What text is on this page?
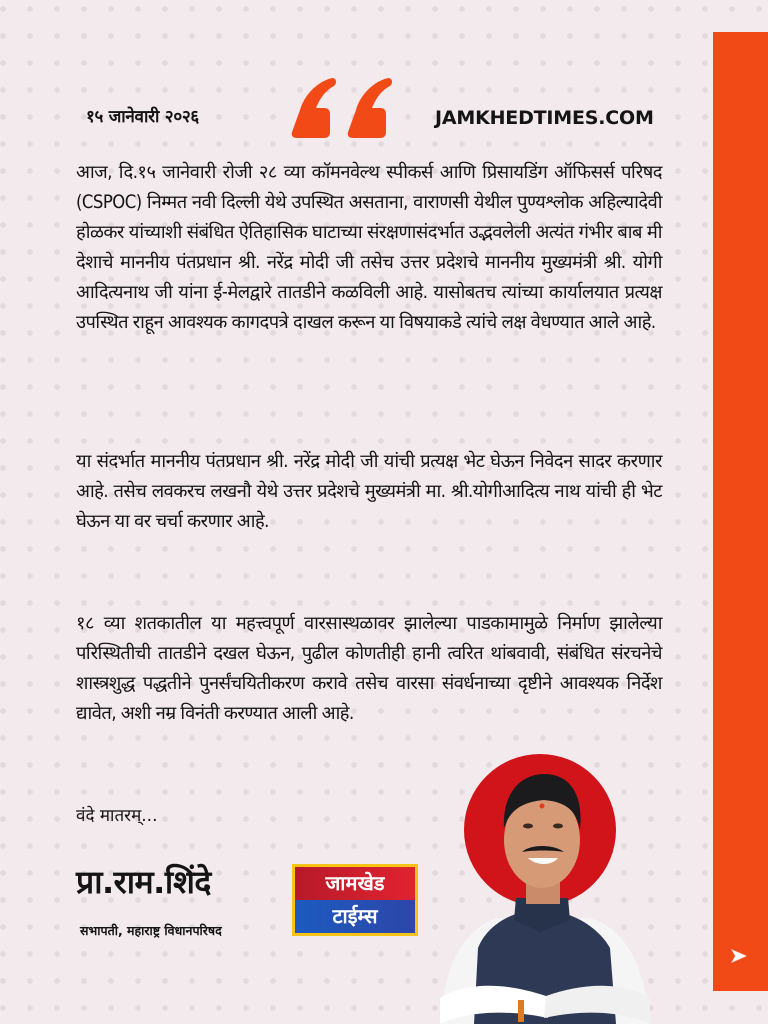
१५ जानेवारी २०२६	JAMKHEDTIMES.COM
आज, दि.१५ जानेवारी रोजी २८ व्या कॉमनवेल्थ स्पीकर्स आणि प्रिसायडिंग ऑफिसर्स परिषद (CSPOC) निम्मत नवी दिल्ली येथे उपस्थित असताना, वाराणसी येथील पुण्यश्लोक अहिल्यादेवी होळकर यांच्याशी संबंधित ऐतिहासिक घाटाच्या संरक्षणासंदर्भात उद्भवलेली अत्यंत गंभीर बाब मी देशाचे माननीय पंतप्रधान श्री. नरेंद्र मोदी जी तसेच उत्तर प्रदेशचे माननीय मुख्यमंत्री श्री. योगी आदित्यनाथ जी यांना ई-मेलद्वारे तातडीने कळविली आहे. यासोबतच त्यांच्या कार्यालयात प्रत्यक्ष उपस्थित राहून आवश्यक कागदपत्रे दाखल करून या विषयाकडे त्यांचे लक्ष वेधण्यात आले आहे.
या संदर्भात माननीय पंतप्रधान श्री. नरेंद्र मोदी जी यांची प्रत्यक्ष भेट घेऊन निवेदन सादर करणार आहे. तसेच लवकरच लखनौ येथे उत्तर प्रदेशचे मुख्यमंत्री मा. श्री.योगीआदित्य नाथ यांची ही भेट घेऊन या वर चर्चा करणार आहे.
१८ व्या शतकातील या महत्त्वपूर्ण वारसास्थळावर झालेल्या पाडकामामुळे निर्माण झालेल्या परिस्थितीची तातडीने दखल घेऊन, पुढील कोणतीही हानी त्वरित थांबवावी, संबंधित संरचनेचे शास्त्रशुद्ध पद्धतीने पुनर्संचयितीकरण करावे तसेच वारसा संवर्धनाच्या दृष्टीने आवश्यक निर्देश द्यावेत, अशी नम्र विनंती करण्यात आली आहे.
वंदे मातरम्...
प्रा.राम.शिंदे
सभापती, महाराष्ट्र विधानपरिषद
जामखेड
टाईम्स
